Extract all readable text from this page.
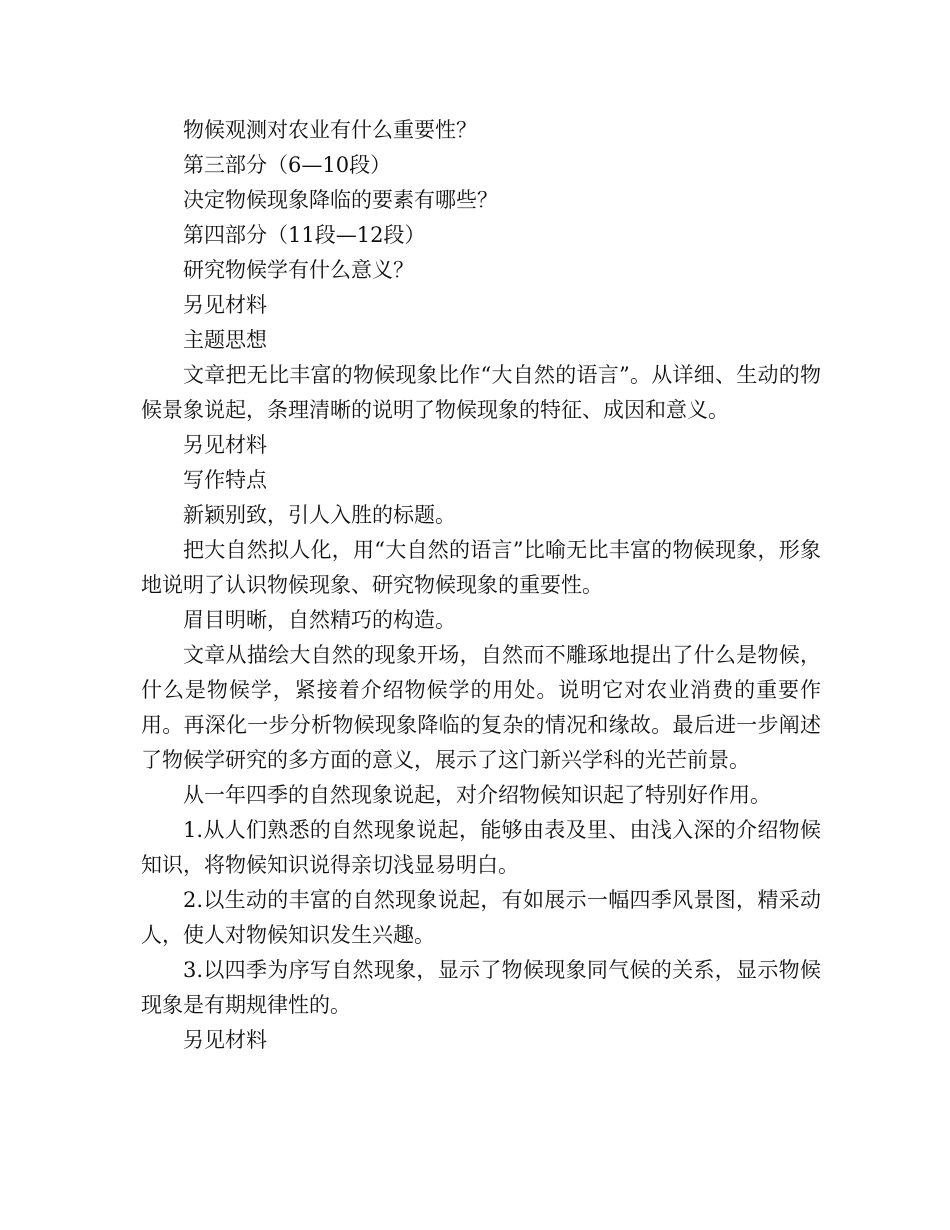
物候观测对农业有什么重要性？

第三部分（6—10段）

决定物候现象降临的要素有哪些？

第四部分（11段—12段）

研究物候学有什么意义？

另见材料

主题思想

文章把无比丰富的物候现象比作“大自然的语言”。从详细、生动的物候景象说起，条理清晰的说明了物候现象的特征、成因和意义。

另见材料

写作特点

新颖别致，引人入胜的标题。

把大自然拟人化，用“大自然的语言”比喻无比丰富的物候现象，形象地说明了认识物候现象、研究物候现象的重要性。

眉目明晰，自然精巧的构造。

文章从描绘大自然的现象开场，自然而不雕琢地提出了什么是物候，什么是物候学，紧接着介绍物候学的用处。说明它对农业消费的重要作用。再深化一步分析物候现象降临的复杂的情况和缘故。最后进一步阐述了物候学研究的多方面的意义，展示了这门新兴学科的光芒前景。

从一年四季的自然现象说起，对介绍物候知识起了特别好作用。

1.从人们熟悉的自然现象说起，能够由表及里、由浅入深的介绍物候知识，将物候知识说得亲切浅显易明白。

2.以生动的丰富的自然现象说起，有如展示一幅四季风景图，精采动人，使人对物候知识发生兴趣。

3.以四季为序写自然现象，显示了物候现象同气候的关系，显示物候现象是有期规律性的。

另见材料
